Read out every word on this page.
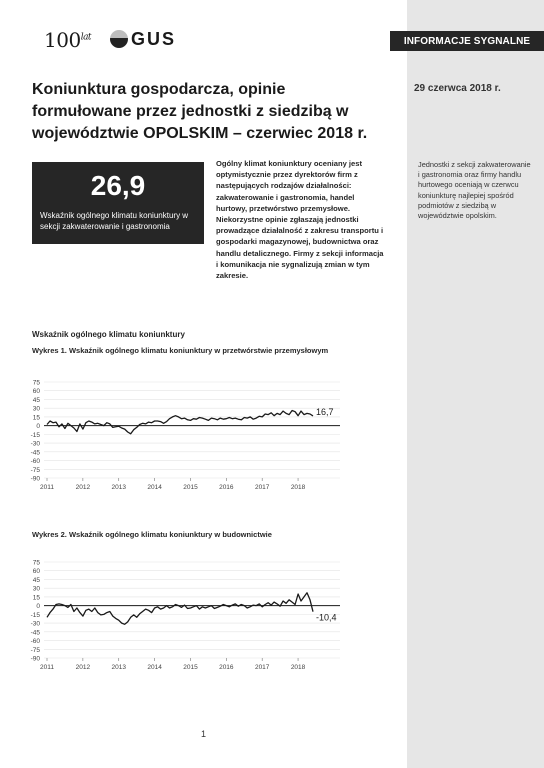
INFORMACJE SYGNALNE
$100^{lat}$ GUS
Koniunktura gospodarcza, opinie formułowane przez jednostki z siedzibą w województwie OPOLSKIM – czerwiec 2018 r.
29 czerwca 2018 r.
26,9
Wskaźnik ogólnego klimatu koniunktury w sekcji zakwaterowanie i gastronomia
Ogólny klimat koniunktury oceniany jest optymistycznie przez dyrektorów firm z następujących rodzajów działalności: zakwaterowanie i gastronomia, handel hurtowy, przetwórstwo przemysłowe. Niekorzystne opinie zgłaszają jednostki prowadzące działalność z zakresu transportu i gospodarki magazynowej, budownictwa oraz handlu detalicznego. Firmy z sekcji informacja i komunikacja nie sygnalizują zmian w tym zakresie.
Jednostki z sekcji zakwaterowanie i gastronomia oraz firmy handlu hurtowego oceniają w czerwcu koniunkturę najlepiej spośród podmiotów z siedzibą w województwie opolskim.
Wskaźnik ogólnego klimatu koniunktury
Wykres 1. Wskaźnik ogólnego klimatu koniunktury w przetwórstwie przemysłowym
75
60
45
30
15
0
-15
-30
-45
-60
-75
-90
2011	2012	2013	2014	2015	2016	2017	2018
16,7
Wykres 2. Wskaźnik ogólnego klimatu koniunktury w budownictwie
75
60
45
30
15
0
-15
-30
-45
-60
-75
-90
2011	2012	2013	2014	2015	2016	2017	2018
-10,4
1
